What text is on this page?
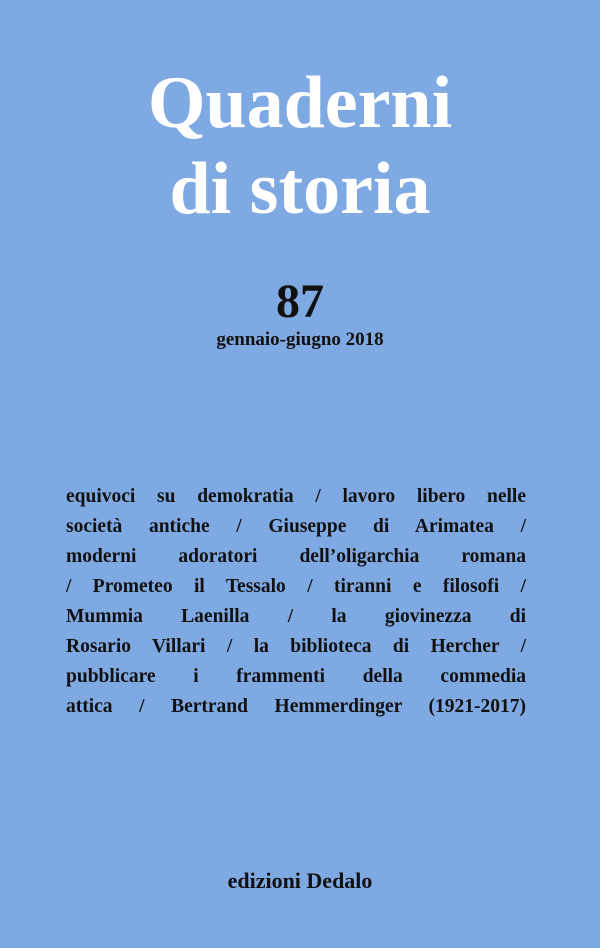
Quaderni
di storia
87
gennaio-giugno 2018
equivoci su demokratia / lavoro libero nelle
società antiche / Giuseppe di Arimatea /
moderni adoratori dell’oligarchia romana
/ Prometeo il Tessalo / tiranni e filosofi /
Mummia Laenilla / la giovinezza di
Rosario Villari / la biblioteca di Hercher /
pubblicare i frammenti della commedia
attica / Bertrand Hemmerdinger (1921-2017)
edizioni Dedalo
